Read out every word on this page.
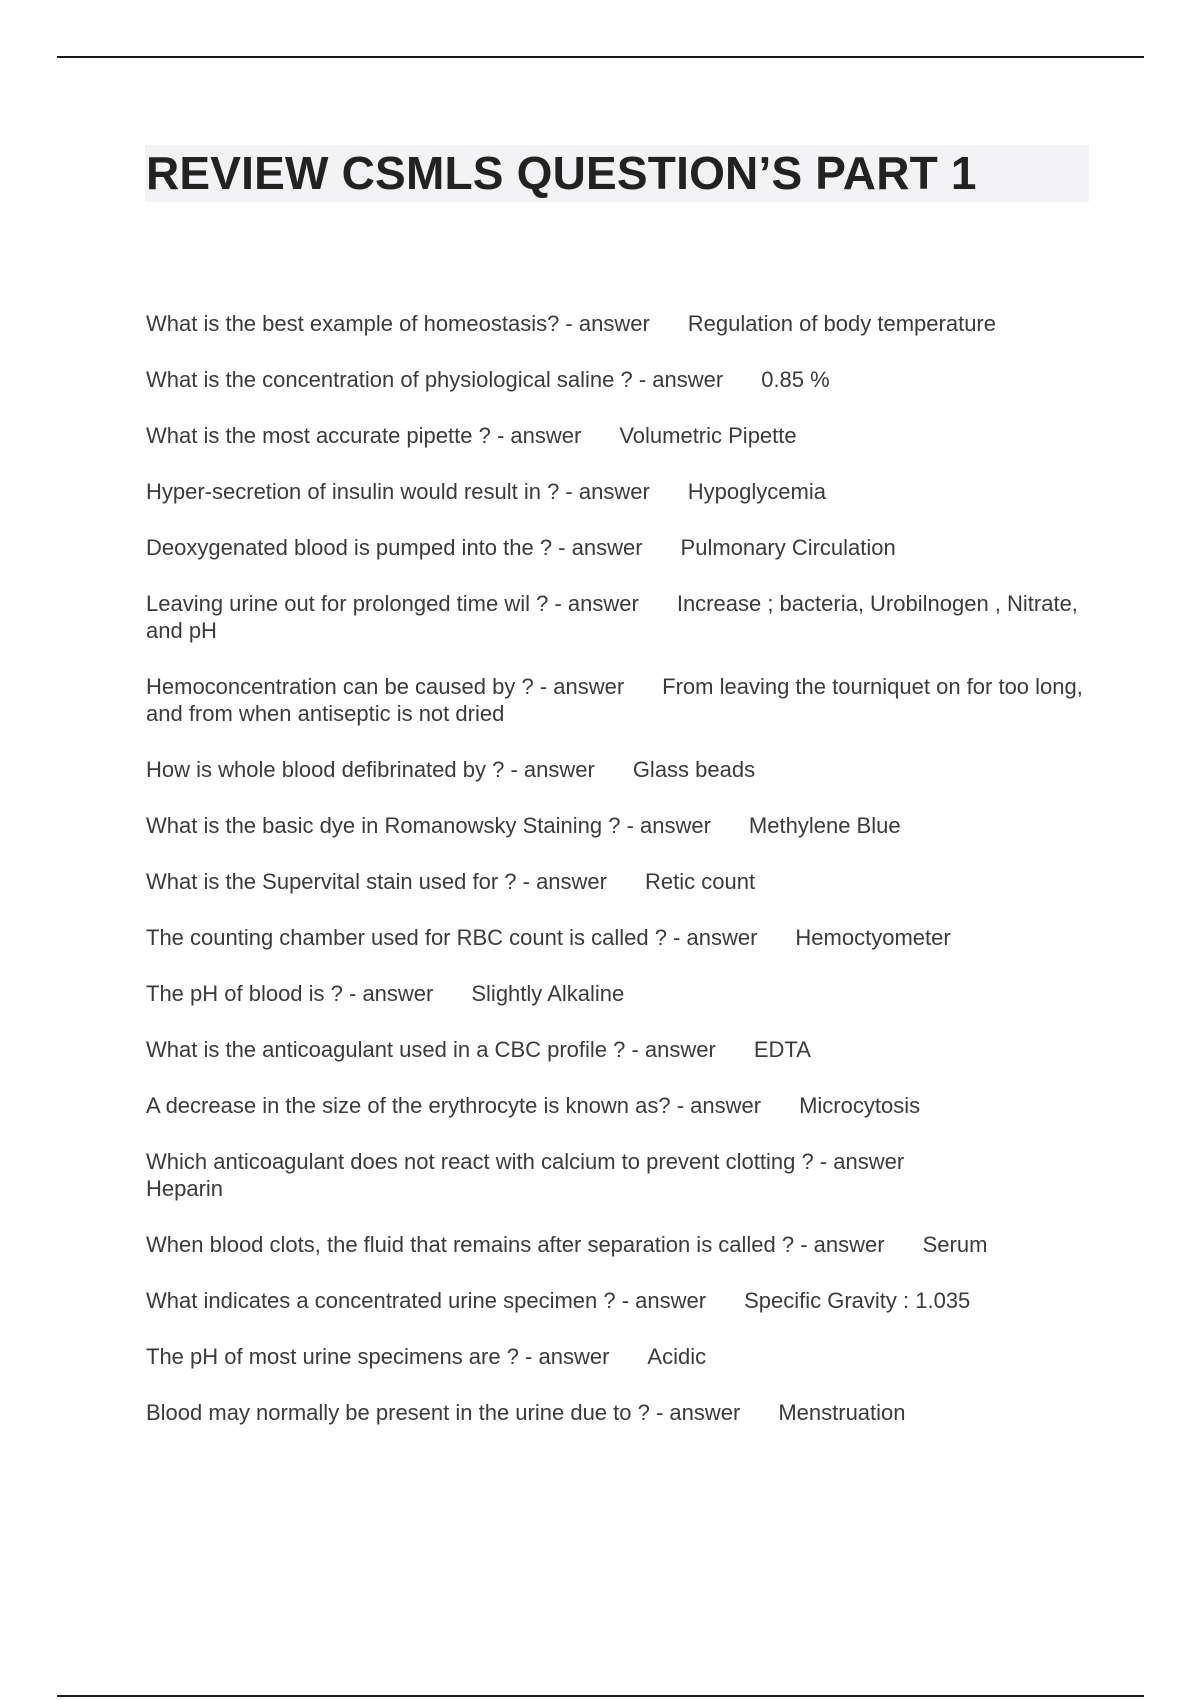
REVIEW CSMLS QUESTION’S PART 1
What is the best example of homeostasis? - answer Regulation of body temperature
What is the concentration of physiological saline ? - answer 0.85 %
What is the most accurate pipette ? - answer Volumetric Pipette
Hyper-secretion of insulin would result in ? - answer Hypoglycemia
Deoxygenated blood is pumped into the ? - answer Pulmonary Circulation
Leaving urine out for prolonged time wil ? - answer Increase ; bacteria, Urobilnogen , Nitrate, and pH
Hemoconcentration can be caused by ? - answer From leaving the tourniquet on for too long, and from when antiseptic is not dried
How is whole blood defibrinated by ? - answer Glass beads
What is the basic dye in Romanowsky Staining ? - answer Methylene Blue
What is the Supervital stain used for ? - answer Retic count
The counting chamber used for RBC count is called ? - answer Hemoctyometer
The pH of blood is ? - answer Slightly Alkaline
What is the anticoagulant used in a CBC profile ? - answer EDTA
A decrease in the size of the erythrocyte is known as? - answer Microcytosis
Which anticoagulant does not react with calcium to prevent clotting ? - answer
Heparin
When blood clots, the fluid that remains after separation is called ? - answer Serum
What indicates a concentrated urine specimen ? - answer Specific Gravity : 1.035
The pH of most urine specimens are ? - answer Acidic
Blood may normally be present in the urine due to ? - answer Menstruation
